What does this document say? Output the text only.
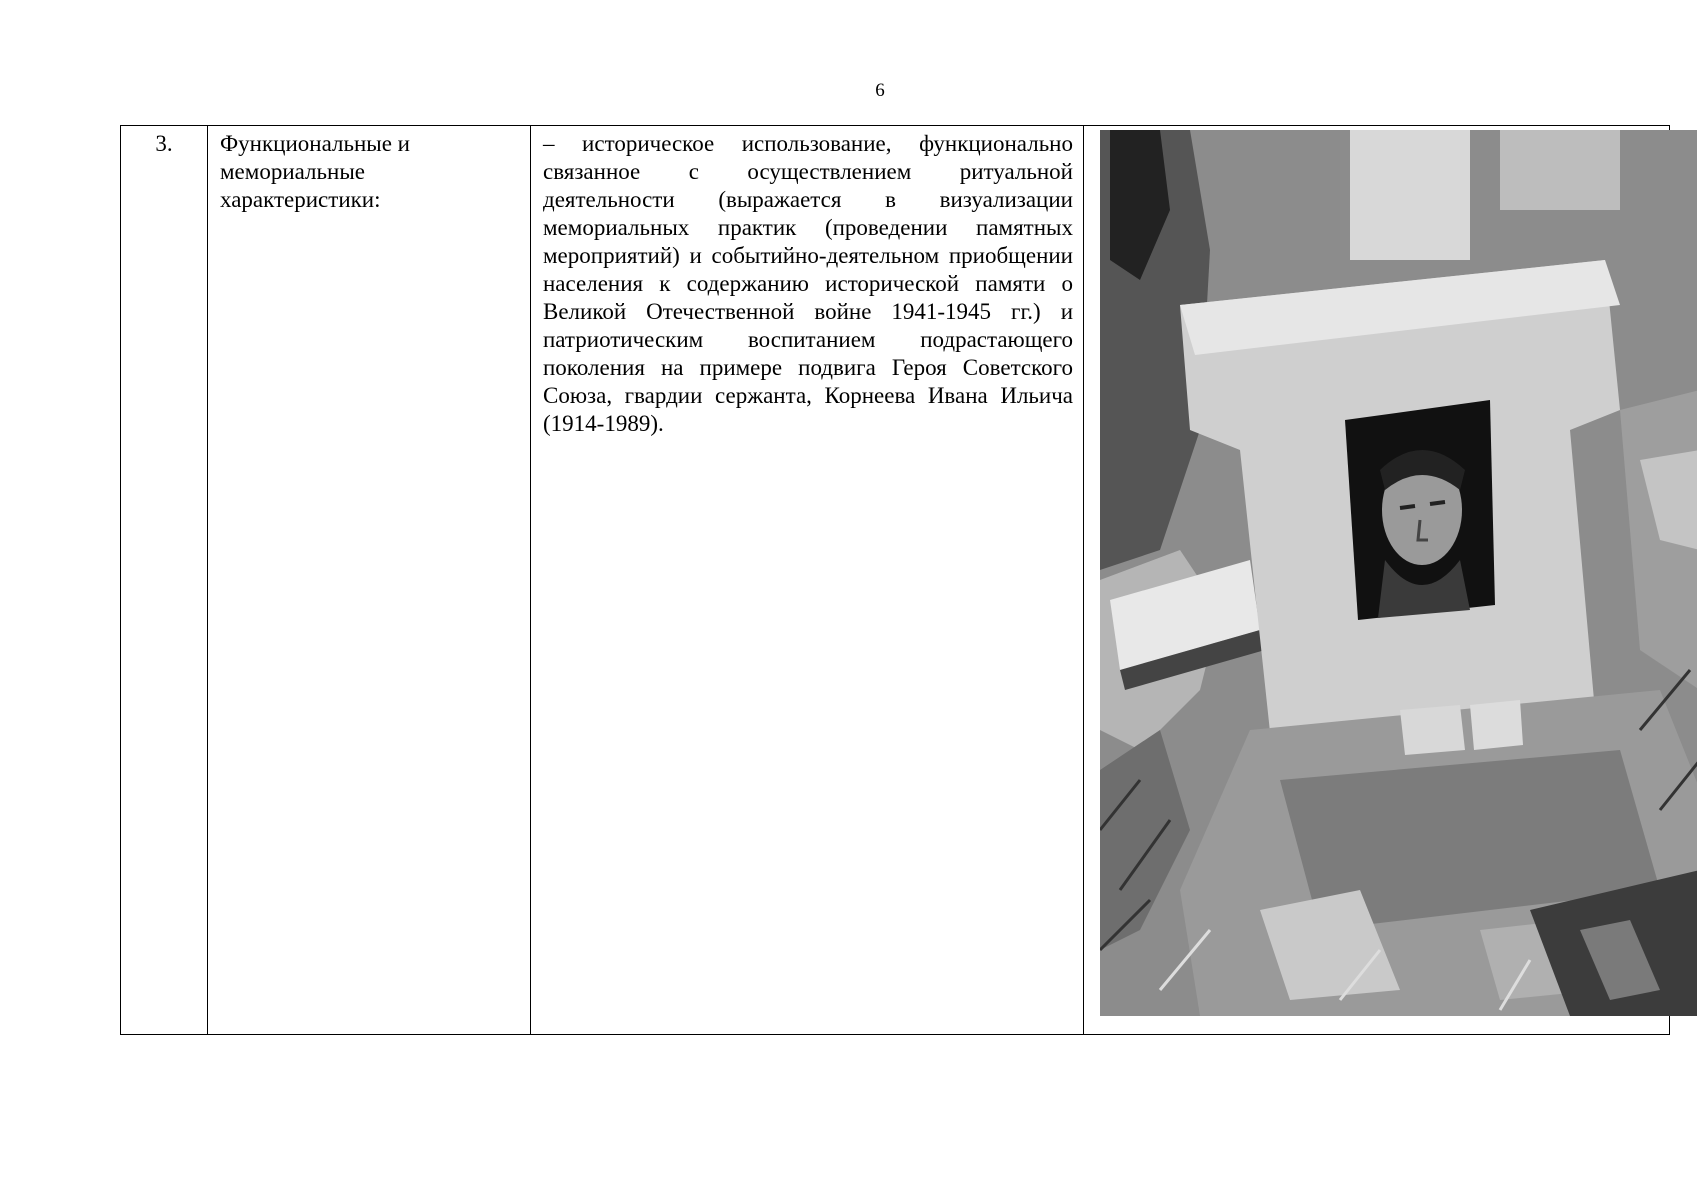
6
3.	Функциональные и мемориальные характеристики:	– историческое использование, функционально связанное с осуществлением ритуальной деятельности (выражается в визуализации мемориальных практик (проведении памятных мероприятий) и событийно-деятельном приобщении населения к содержанию исторической памяти о Великой Отечественной войне 1941-1945 гг.) и патриотическим воспитанием подрастающего поколения на примере подвига Героя Советского Союза, гвардии сержанта, Корнеева Ивана Ильича (1914-1989).	
